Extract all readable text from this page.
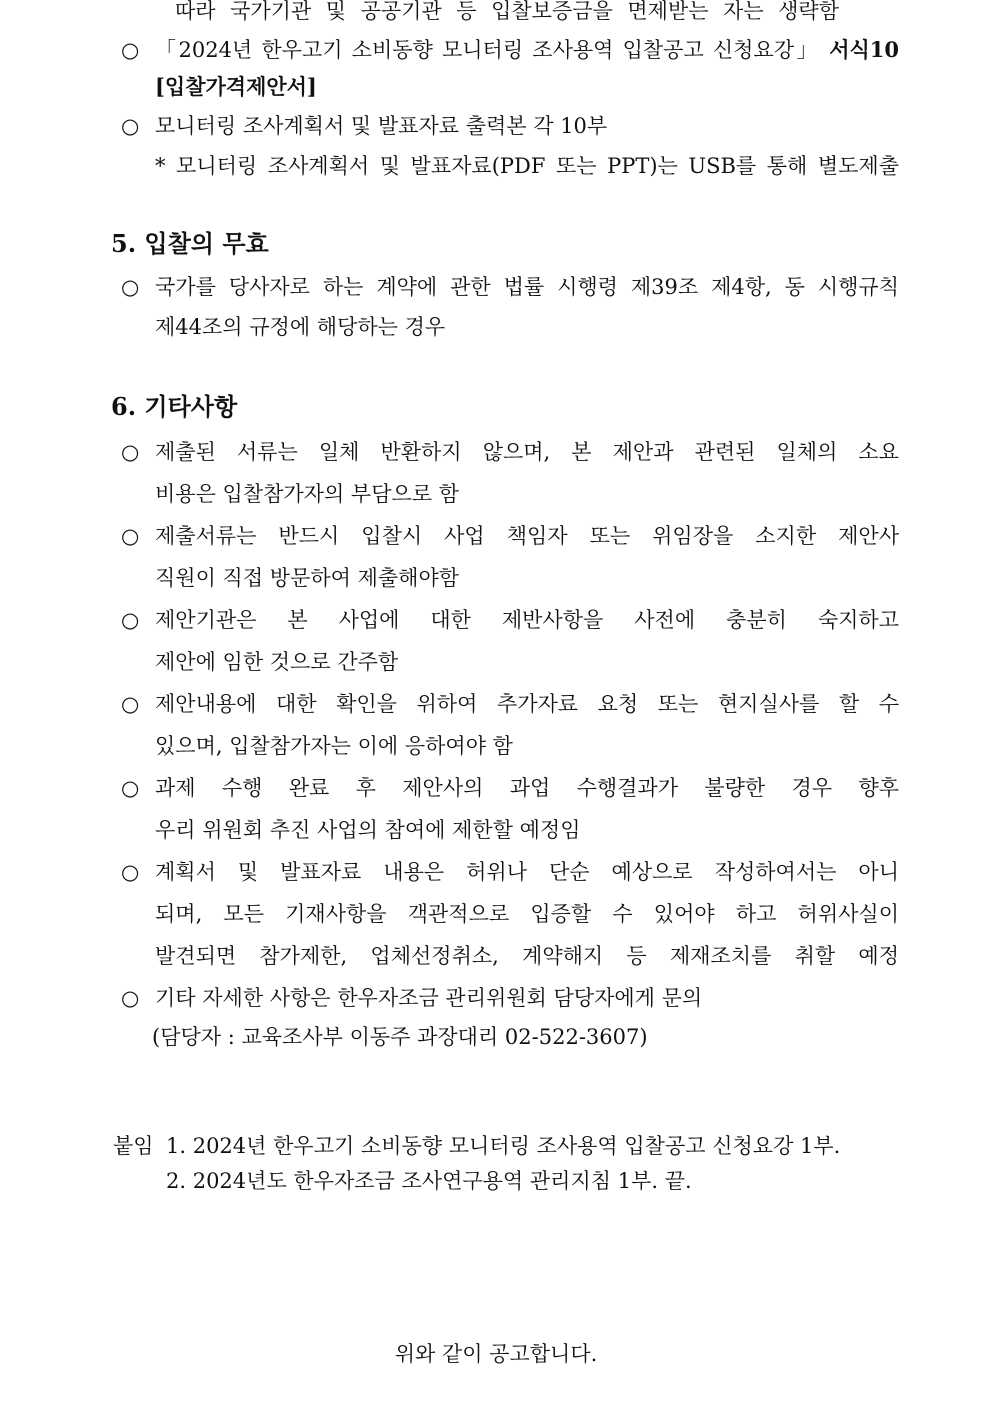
따라 국가기관 및 공공기관 등 입찰보증금을 면제받는 자는 생략함
○ 「2024년 한우고기 소비동향 모니터링 조사용역 입찰공고 신청요강」 서식10
[입찰가격제안서]
○ 모니터링 조사계획서 및 발표자료 출력본 각 10부
* 모니터링 조사계획서 및 발표자료(PDF 또는 PPT)는 USB를 통해 별도제출
5. 입찰의 무효
○ 국가를 당사자로 하는 계약에 관한 법률 시행령 제39조 제4항, 동 시행규칙
제44조의 규정에 해당하는 경우
6. 기타사항
○ 제출된 서류는 일체 반환하지 않으며, 본 제안과 관련된 일체의 소요
비용은 입찰참가자의 부담으로 함
○ 제출서류는 반드시 입찰시 사업 책임자 또는 위임장을 소지한 제안사
직원이 직접 방문하여 제출해야함
○ 제안기관은 본 사업에 대한 제반사항을 사전에 충분히 숙지하고
제안에 임한 것으로 간주함
○ 제안내용에 대한 확인을 위하여 추가자료 요청 또는 현지실사를 할 수
있으며, 입찰참가자는 이에 응하여야 함
○ 과제 수행 완료 후 제안사의 과업 수행결과가 불량한 경우 향후
우리 위원회 추진 사업의 참여에 제한할 예정임
○ 계획서 및 발표자료 내용은 허위나 단순 예상으로 작성하여서는 아니
되며, 모든 기재사항을 객관적으로 입증할 수 있어야 하고 허위사실이
발견되면 참가제한, 업체선정취소, 계약해지 등 제재조치를 취할 예정
○ 기타 자세한 사항은 한우자조금 관리위원회 담당자에게 문의
(담당자 : 교육조사부 이동주 과장대리 02-522-3607)
붙임 1. 2024년 한우고기 소비동향 모니터링 조사용역 입찰공고 신청요강 1부.
2. 2024년도 한우자조금 조사연구용역 관리지침 1부. 끝.
위와 같이 공고합니다.
